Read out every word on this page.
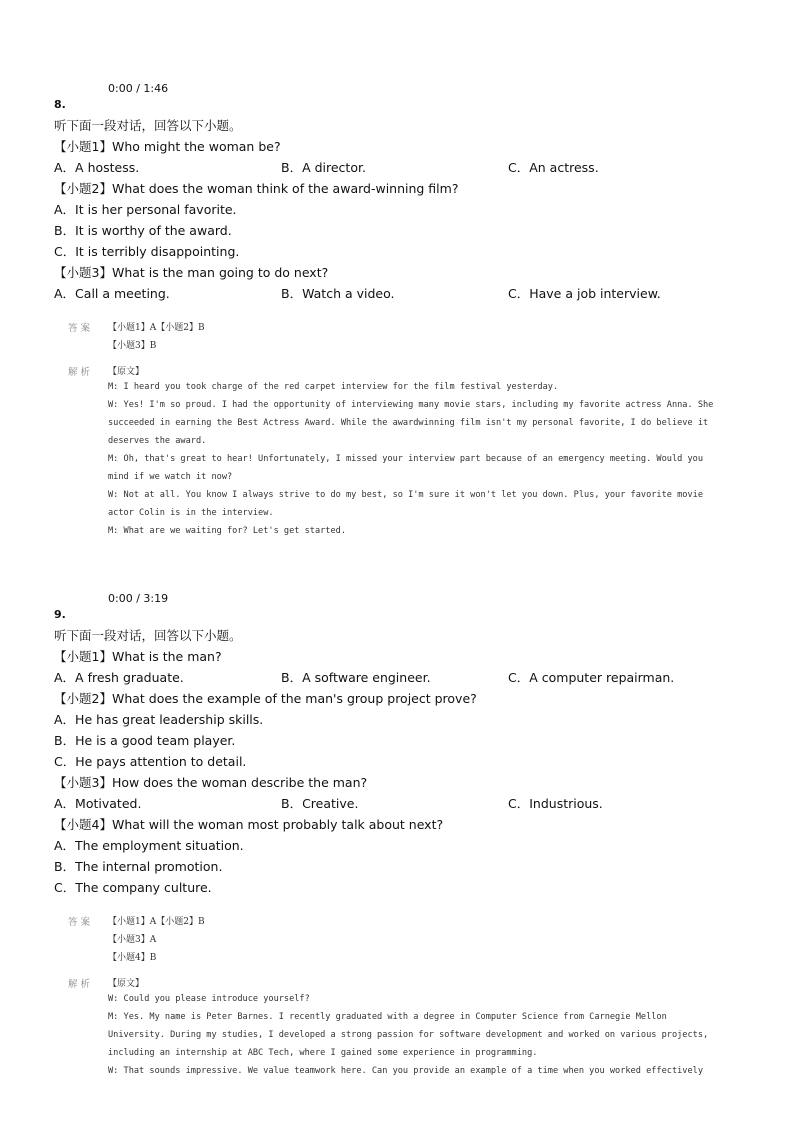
0:00 / 1:46
8.
听下面一段对话，回答以下小题。
【小题1】Who might the woman be?
A．A hostess.	B．A director.	C．An actress.
【小题2】What does the woman think of the award-winning film?
A．It is her personal favorite.
B．It is worthy of the award.
C．It is terribly disappointing.
【小题3】What is the man going to do next?
A．Call a meeting.	B．Watch a video.	C．Have a job interview.
答案 【小题1】A【小题2】B
【小题3】B
解析 【原文】
M: I heard you took charge of the red carpet interview for the film festival yesterday.
W: Yes! I'm so proud. I had the opportunity of interviewing many movie stars, including my favorite actress Anna. She
succeeded in earning the Best Actress Award. While the awardwinning film isn't my personal favorite, I do believe it
deserves the award.
M: Oh, that's great to hear! Unfortunately, I missed your interview part because of an emergency meeting. Would you
mind if we watch it now?
W: Not at all. You know I always strive to do my best, so I'm sure it won't let you down. Plus, your favorite movie
actor Colin is in the interview.
M: What are we waiting for? Let's get started.
0:00 / 3:19
9.
听下面一段对话，回答以下小题。
【小题1】What is the man?
A．A fresh graduate.	B．A software engineer.	C．A computer repairman.
【小题2】What does the example of the man's group project prove?
A．He has great leadership skills.
B．He is a good team player.
C．He pays attention to detail.
【小题3】How does the woman describe the man?
A．Motivated.	B．Creative.	C．Industrious.
【小题4】What will the woman most probably talk about next?
A．The employment situation.
B．The internal promotion.
C．The company culture.
答案 【小题1】A【小题2】B
【小题3】A
【小题4】B
解析 【原文】
W: Could you please introduce yourself?
M: Yes. My name is Peter Barnes. I recently graduated with a degree in Computer Science from Carnegie Mellon
University. During my studies, I developed a strong passion for software development and worked on various projects,
including an internship at ABC Tech, where I gained some experience in programming.
W: That sounds impressive. We value teamwork here. Can you provide an example of a time when you worked effectively
